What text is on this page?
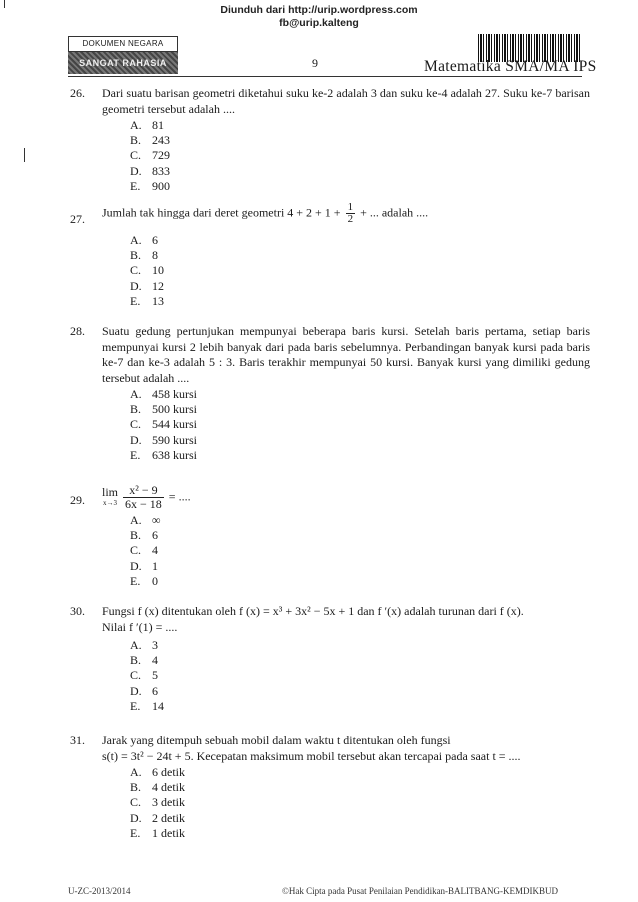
Diunduh dari http://urip.wordpress.com
fb@urip.kalteng
DOKUMEN NEGARA
SANGAT RAHASIA	9	Matematika SMA/MA IPS
26.	Dari suatu barisan geometri diketahui suku ke-2 adalah 3 dan suku ke-4 adalah 27. Suku ke-7 barisan geometri tersebut adalah ....
A. 81
B. 243
C. 729
D. 833
E. 900
27.	Jumlah tak hingga dari deret geometri $4 + 2 + 1 + \frac{1}{2}$ + ... adalah ....
A. 6
B. 8
C. 10
D. 12
E. 13
28.	Suatu gedung pertunjukan mempunyai beberapa baris kursi. Setelah baris pertama, setiap baris mempunyai kursi 2 lebih banyak dari pada baris sebelumnya. Perbandingan banyak kursi pada baris ke-7 dan ke-3 adalah 5 : 3. Baris terakhir mempunyai 50 kursi. Banyak kursi yang dimiliki gedung tersebut adalah ....
A. 458 kursi
B. 500 kursi
C. 544 kursi
D. 590 kursi
E. 638 kursi
29.
lim
x→3
$\frac{\text{x² − 9}}{6x - 18}$ = ....
A. ∞
B. 6
C. 4
D. 1
E. 0
30.	Fungsi f (x) ditentukan oleh f (x) = x³ + 3x² − 5x + 1 dan f ′(x) adalah turunan dari f (x).
Nilai f ′(1) = ....
A. 3
B. 4
C. 5
D. 6
E. 14
31.	Jarak yang ditempuh sebuah mobil dalam waktu t ditentukan oleh fungsi
s(t) = 3t² − 24t + 5. Kecepatan maksimum mobil tersebut akan tercapai pada saat t = ....
A. 6 detik
B. 4 detik
C. 3 detik
D. 2 detik
E. 1 detik
U-ZC-2013/2014	©Hak Cipta pada Pusat Penilaian Pendidikan-BALITBANG-KEMDIKBUD
